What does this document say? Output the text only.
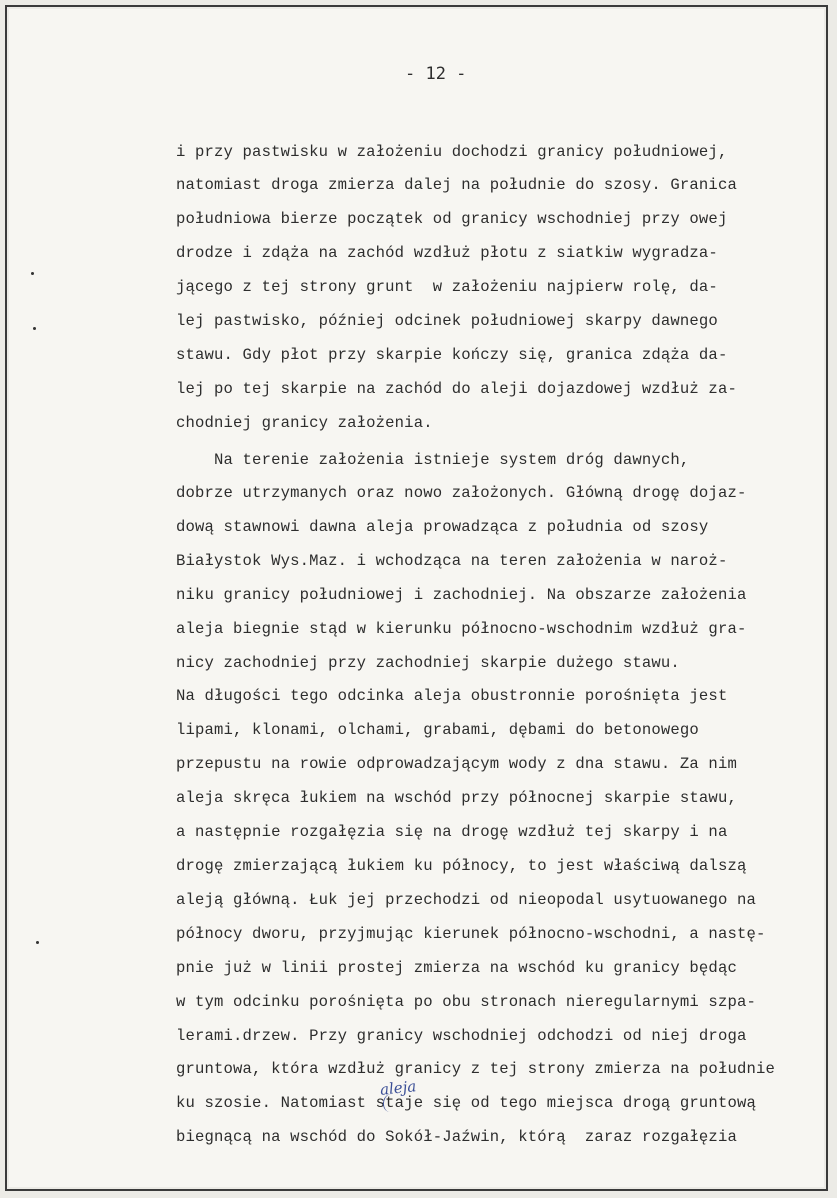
- 12 -
i przy pastwisku w założeniu dochodzi granicy południowej,
natomiast droga zmierza dalej na południe do szosy. Granica
południowa bierze początek od granicy wschodniej przy owej
drodze i zdąża na zachód wzdłuż płotu z siatkiw wygradza-
jącego z tej strony grunt  w założeniu najpierw rolę, da-
lej pastwisko, później odcinek południowej skarpy dawnego
stawu. Gdy płot przy skarpie kończy się, granica zdąża da-
lej po tej skarpie na zachód do aleji dojazdowej wzdłuż za-
chodniej granicy założenia.
Na terenie założenia istnieje system dróg dawnych,
dobrze utrzymanych oraz nowo założonych. Główną drogę dojaz-
dową stawnowi dawna aleja prowadząca z południa od szosy
Białystok Wys.Maz. i wchodząca na teren założenia w naroż-
niku granicy południowej i zachodniej. Na obszarze założenia
aleja biegnie stąd w kierunku północno-wschodnim wzdłuż gra-
nicy zachodniej przy zachodniej skarpie dużego stawu.
Na długości tego odcinka aleja obustronnie porośnięta jest
lipami, klonami, olchami, grabami, dębami do betonowego
przepustu na rowie odprowadzającym wody z dna stawu. Za nim
aleja skręca łukiem na wschód przy północnej skarpie stawu,
a następnie rozgałęzia się na drogę wzdłuż tej skarpy i na
drogę zmierzającą łukiem ku północy, to jest właściwą dalszą
aleją główną. Łuk jej przechodzi od nieopodal usytuowanego na
północy dworu, przyjmując kierunek północno-wschodni, a nastę-
pnie już w linii prostej zmierza na wschód ku granicy będąc
w tym odcinku porośnięta po obu stronach nieregularnymi szpa-
lerami.drzew. Przy granicy wschodniej odchodzi od niej droga
gruntowa, która wzdłuż granicy z tej strony zmierza na południe
ku szosie. Natomiast staje się od tego miejsca drogą gruntową
biegnącą na wschód do Sokół-Jaźwin, którą  zaraz rozgałęzia
aleja
